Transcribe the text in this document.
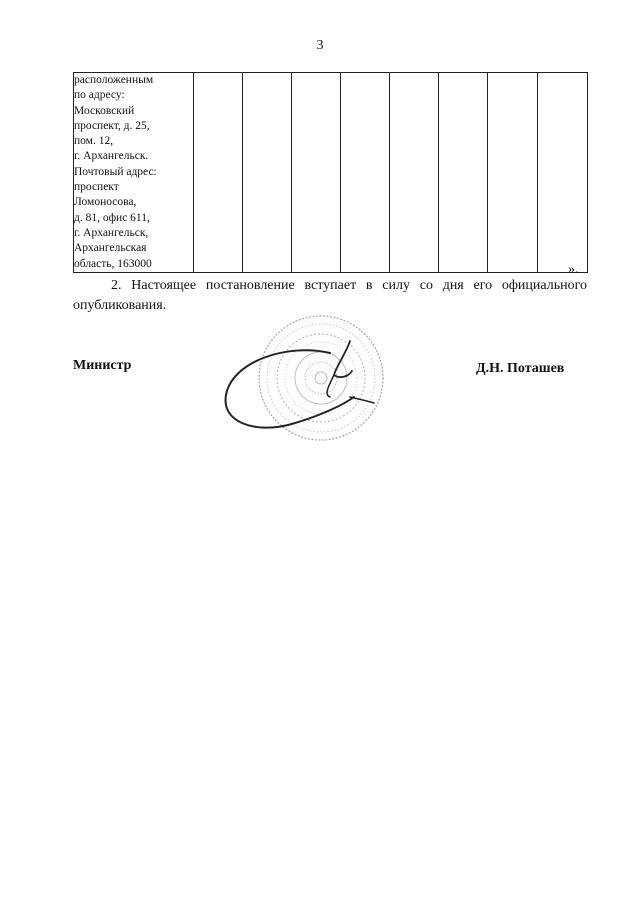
3
расположенным
по адресу:
Московский
проспект, д. 25,
пом. 12,
г. Архангельск.
Почтовый адрес:
проспект
Ломоносова,
д. 81, офис 611,
г. Архангельск,
Архангельская
область, 163000
									».
2. Настоящее постановление вступает в силу со дня его официального
опубликования.
Министр	Д.Н. Поташев
